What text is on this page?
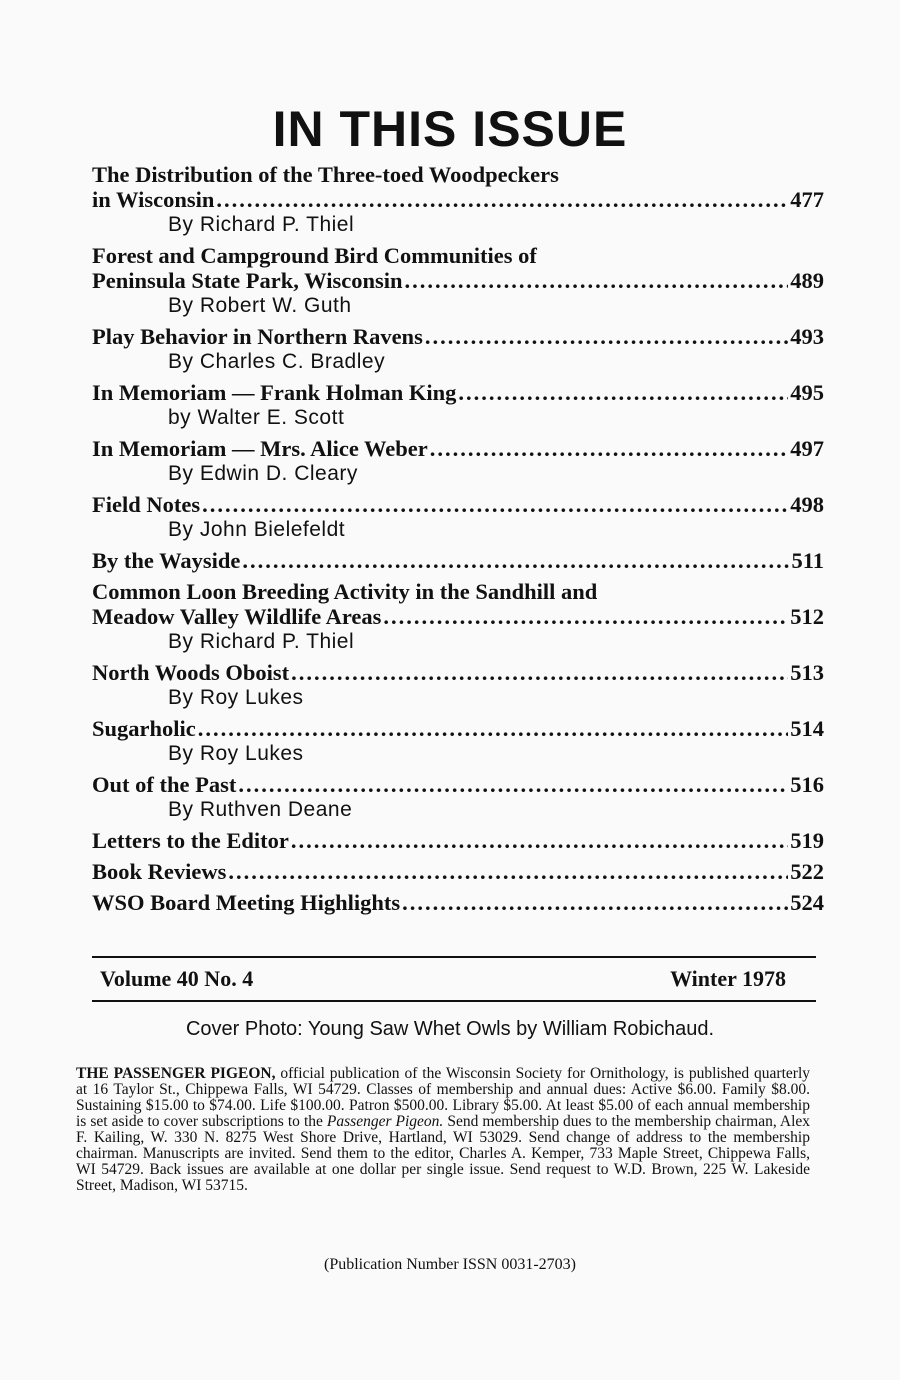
IN THIS ISSUE
The Distribution of the Three-toed Woodpeckers
in Wisconsin .....	477
By Richard P. Thiel
Forest and Campground Bird Communities of
Peninsula State Park, Wisconsin .....	489
By Robert W. Guth
Play Behavior in Northern Ravens .....	493
By Charles C. Bradley
In Memoriam — Frank Holman King .....	495
by Walter E. Scott
In Memoriam — Mrs. Alice Weber .....	497
By Edwin D. Cleary
Field Notes .....	498
By John Bielefeldt
By the Wayside .....	511
Common Loon Breeding Activity in the Sandhill and
Meadow Valley Wildlife Areas .....	512
By Richard P. Thiel
North Woods Oboist .....	513
By Roy Lukes
Sugarholic .....	514
By Roy Lukes
Out of the Past .....	516
By Ruthven Deane
Letters to the Editor .....	519
Book Reviews .....	522
WSO Board Meeting Highlights .....	524
Volume 40 No. 4	Winter 1978
Cover Photo: Young Saw Whet Owls by William Robichaud.
THE PASSENGER PIGEON, official publication of the Wisconsin Society for Ornithology, is published quarterly at 16 Taylor St., Chippewa Falls, WI 54729. Classes of membership and annual dues: Active $6.00. Family $8.00. Sustaining $15.00 to $74.00. Life $100.00. Patron $500.00. Library $5.00. At least $5.00 of each annual membership is set aside to cover subscriptions to the Passenger Pigeon. Send membership dues to the membership chairman, Alex F. Kailing, W. 330 N. 8275 West Shore Drive, Hartland, WI 53029. Send change of address to the membership chairman. Manuscripts are invited. Send them to the editor, Charles A. Kemper, 733 Maple Street, Chippewa Falls, WI 54729. Back issues are available at one dollar per single issue. Send request to W.D. Brown, 225 W. Lakeside Street, Madison, WI 53715.
(Publication Number ISSN 0031-2703)
